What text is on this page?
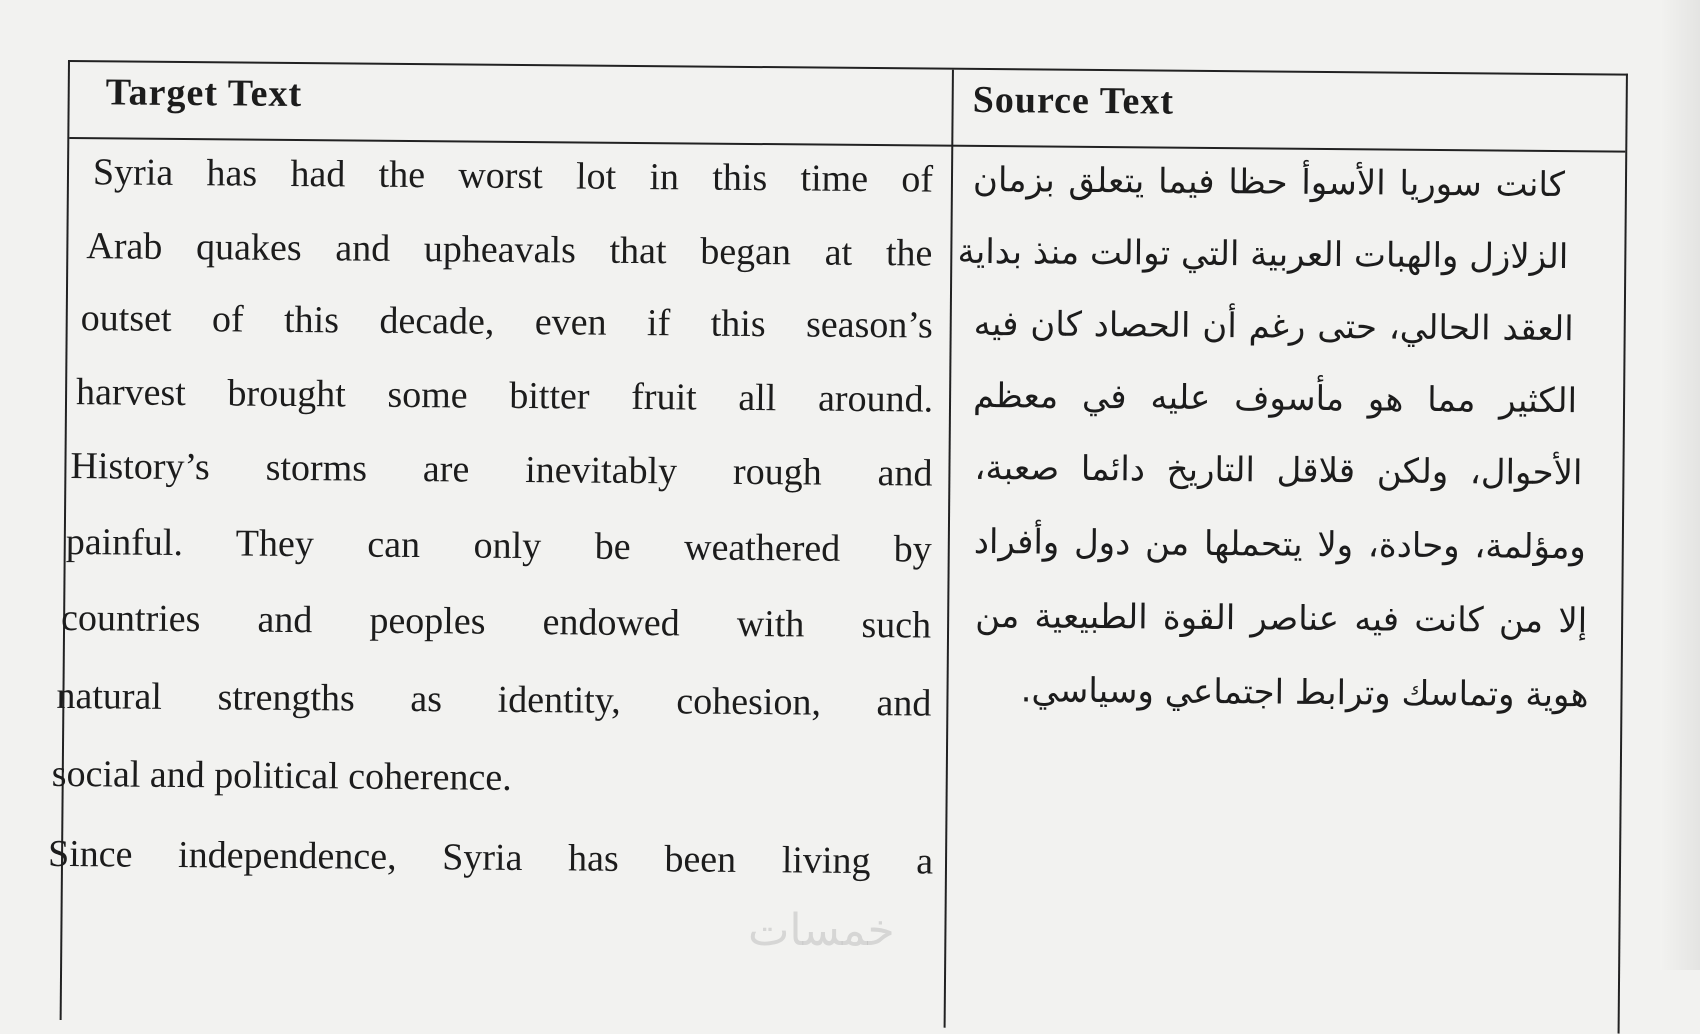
Target Text	Source Text
Syria has had the worst lot in this time of
Arab quakes and upheavals that began at the
outset of this decade, even if this season’s
harvest brought some bitter fruit all around.
History’s storms are inevitably rough and
painful. They can only be weathered by
countries and peoples endowed with such
natural strengths as identity, cohesion, and
social and political coherence.
Since independence, Syria has been living a
كانت سوريا الأسوأ حظا فيما يتعلق بزمان
الزلازل والهبات العربية التي توالت منذ بداية
العقد الحالي، حتى رغم أن الحصاد كان فيه
الكثير مما هو مأسوف عليه في معظم
الأحوال، ولكن قلاقل التاريخ دائما صعبة،
ومؤلمة، وحادة، ولا يتحملها من دول وأفراد
إلا من كانت فيه عناصر القوة الطبيعية من
هوية وتماسك وترابط اجتماعي وسياسي.
خمسات
